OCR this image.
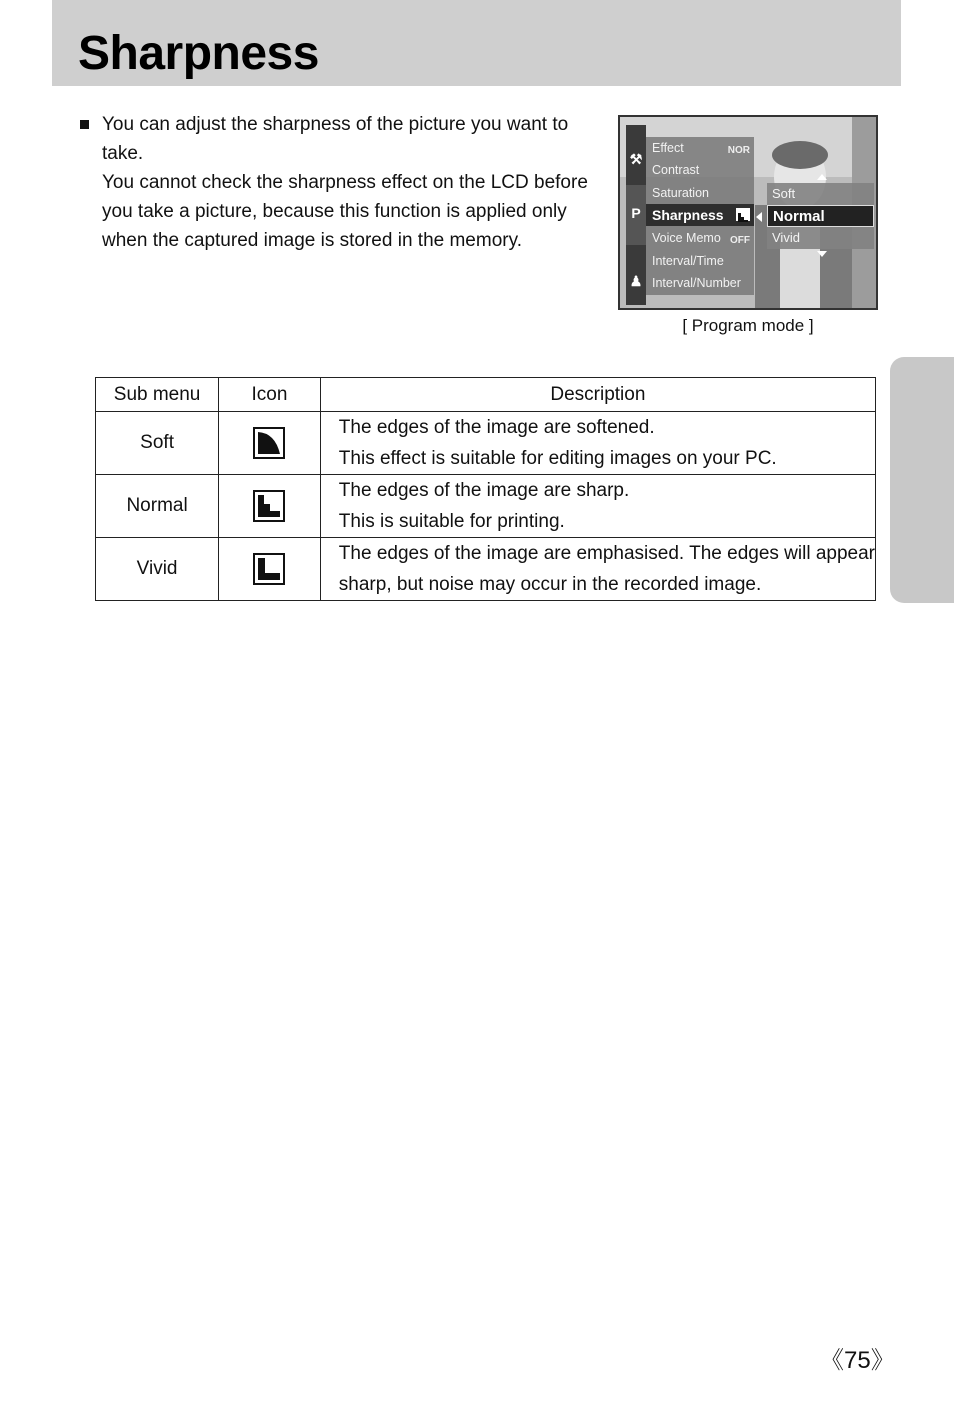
Sharpness

You can adjust the sharpness of the picture you want to take.
You cannot check the sharpness effect on the LCD before
you take a picture, because this function is applied only
when the captured image is stored in the memory.

⚒
P
♟
Effect	NOR
Contrast
Saturation
Sharpness
Voice Memo OFF
Interval/Time
Interval/Number
Soft
Normal
Vivid
[ Program mode ]
Sub menu	Icon	Description
Soft		The edges of the image are softened.
This effect is suitable for editing images on your PC.

Normal		The edges of the image are sharp.
This is suitable for printing.

Vivid		The edges of the image are emphasised. The edges will appear
sharp, but noise may occur in the recorded image.
《75》
